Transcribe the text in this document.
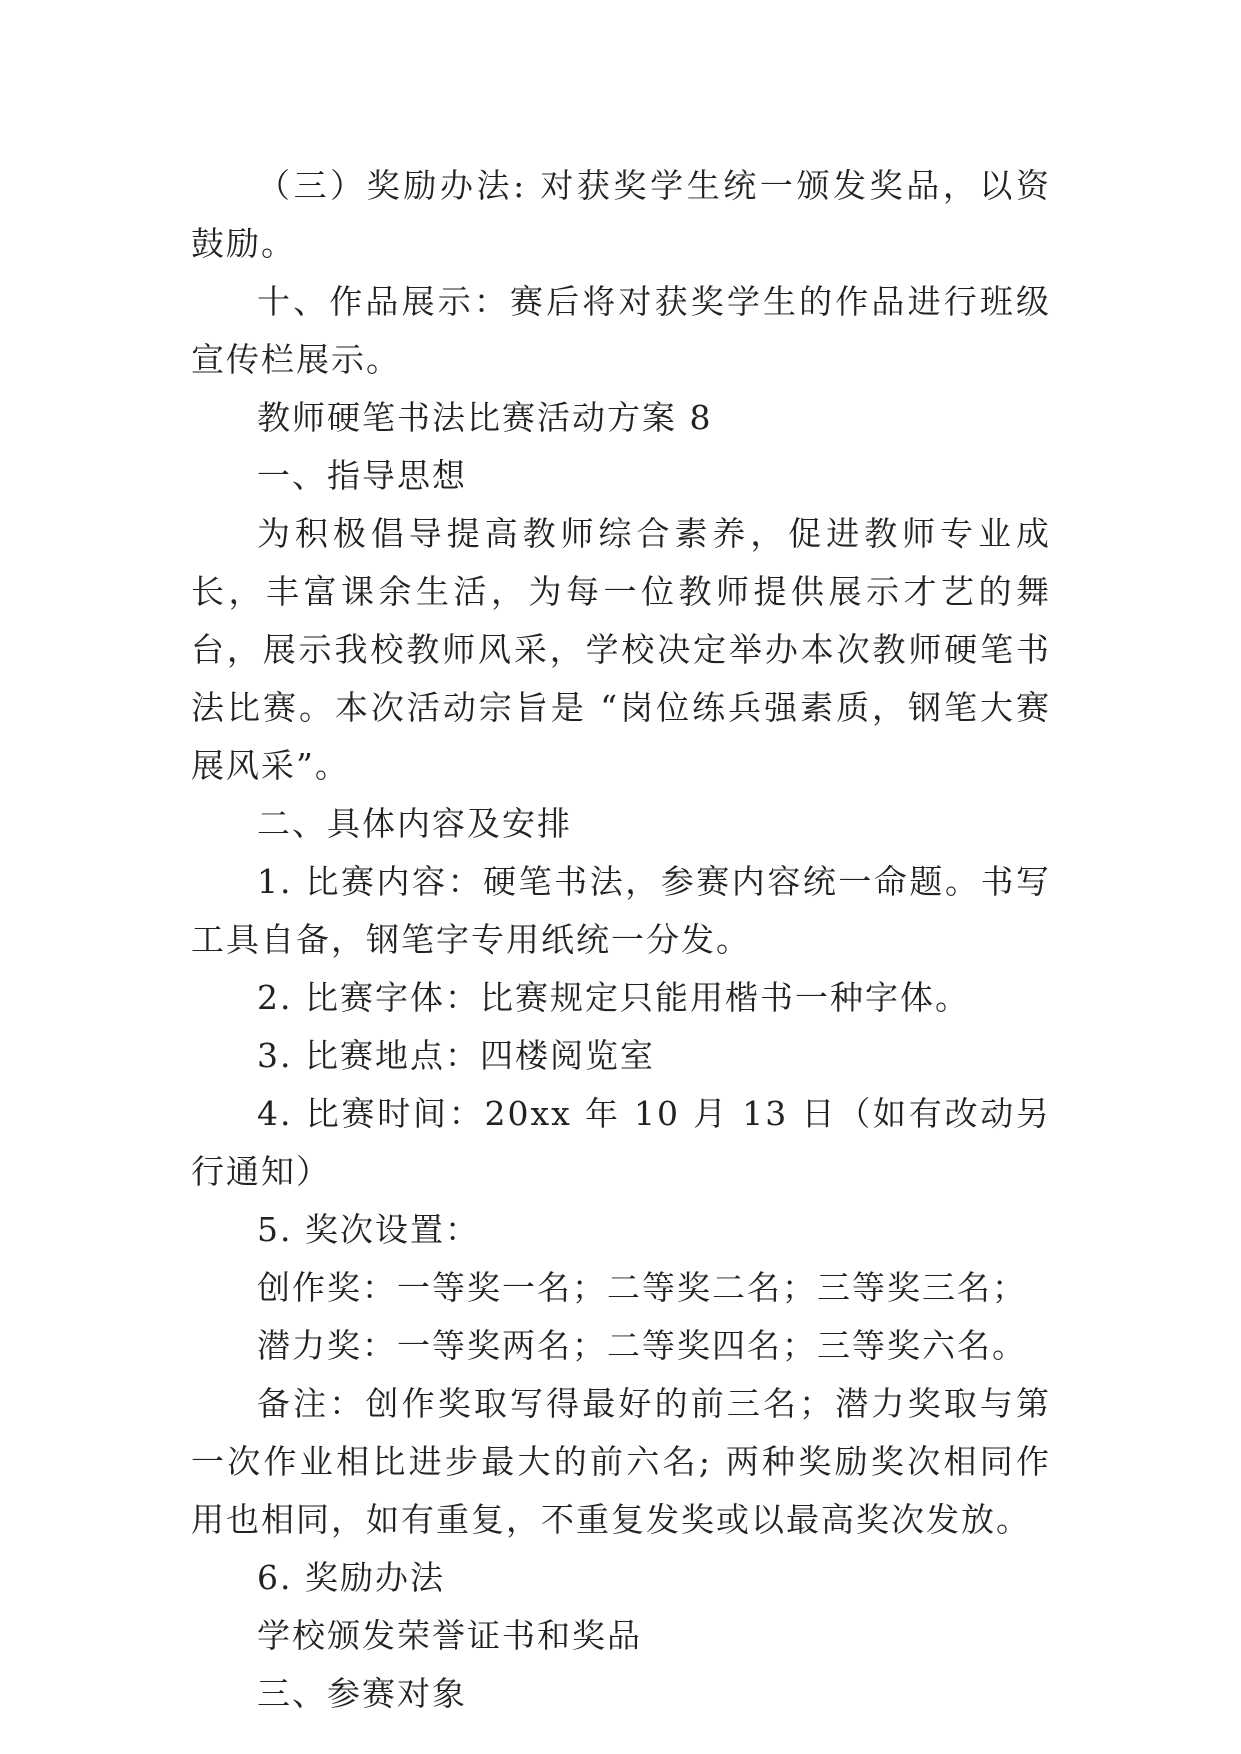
（三）奖励办法: 对获奖学生统一颁发奖品，以资鼓励。

十、作品展示：赛后将对获奖学生的作品进行班级宣传栏展示。

教师硬笔书法比赛活动方案 8

一、指导思想

为积极倡导提高教师综合素养，促进教师专业成长，丰富课余生活，为每一位教师提供展示才艺的舞台，展示我校教师风采，学校决定举办本次教师硬笔书法比赛。本次活动宗旨是 “岗位练兵强素质，钢笔大赛展风采”。

二、具体内容及安排

1. 比赛内容：硬笔书法，参赛内容统一命题。书写工具自备，钢笔字专用纸统一分发。

2. 比赛字体：比赛规定只能用楷书一种字体。

3. 比赛地点：四楼阅览室

4. 比赛时间：20xx 年 10 月 13 日（如有改动另行通知）

5. 奖次设置：

创作奖：一等奖一名；二等奖二名；三等奖三名；

潜力奖：一等奖两名；二等奖四名；三等奖六名。

备注：创作奖取写得最好的前三名；潜力奖取与第一次作业相比进步最大的前六名; 两种奖励奖次相同作用也相同，如有重复，不重复发奖或以最高奖次发放。

6. 奖励办法

学校颁发荣誉证书和奖品

三、参赛对象
